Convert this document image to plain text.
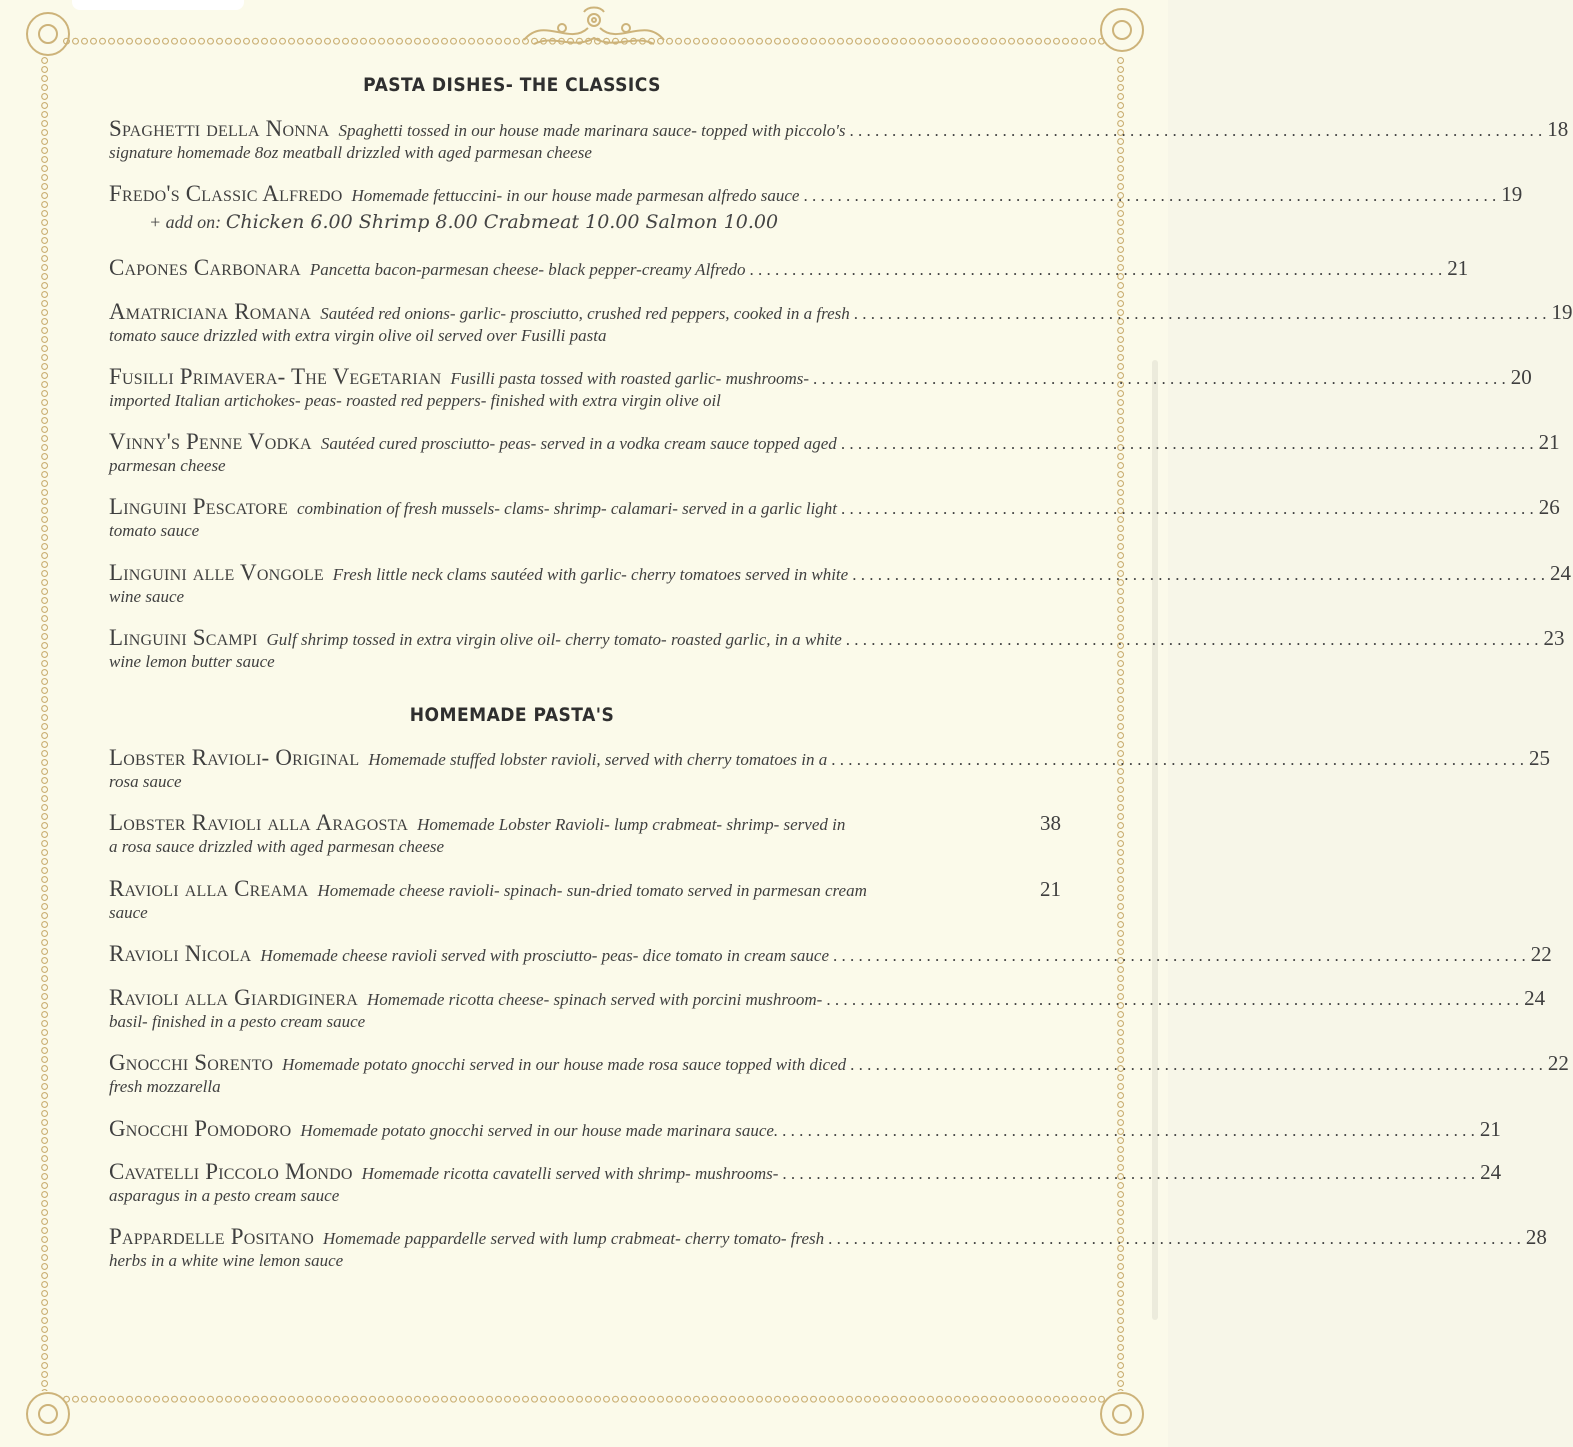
PASTA DISHES- THE CLASSICS
Spaghetti della Nonna Spaghetti tossed in our house made marinara sauce- topped with piccolo's . . .	18
signature homemade 8oz meatball drizzled with aged parmesan cheese
Fredo's Classic Alfredo Homemade fettuccini- in our house made parmesan alfredo sauce . . .	19
+ add on: Chicken 6.00 Shrimp 8.00 Crabmeat 10.00 Salmon 10.00
Capones Carbonara Pancetta bacon-parmesan cheese- black pepper-creamy Alfredo . . .	21
Amatriciana Romana Sautéed red onions- garlic- prosciutto, crushed red peppers, cooked in a fresh . . .	19
tomato sauce drizzled with extra virgin olive oil served over Fusilli pasta
Fusilli Primavera- The Vegetarian Fusilli pasta tossed with roasted garlic- mushrooms- . . .	20
imported Italian artichokes- peas- roasted red peppers- finished with extra virgin olive oil
Vinny's Penne Vodka Sautéed cured prosciutto- peas- served in a vodka cream sauce topped aged . . .	21
parmesan cheese
Linguini Pescatore combination of fresh mussels- clams- shrimp- calamari- served in a garlic light . . .	26
tomato sauce
Linguini alle Vongole Fresh little neck clams sautéed with garlic- cherry tomatoes served in white . . .	24
wine sauce
Linguini Scampi Gulf shrimp tossed in extra virgin olive oil- cherry tomato- roasted garlic, in a white . . .	23
wine lemon butter sauce
HOMEMADE PASTA'S
Lobster Ravioli- Original Homemade stuffed lobster ravioli, served with cherry tomatoes in a . . .	25
rosa sauce
Lobster Ravioli alla Aragosta Homemade Lobster Ravioli- lump crabmeat- shrimp- served in	38
a rosa sauce drizzled with aged parmesan cheese
Ravioli alla Creama Homemade cheese ravioli- spinach- sun-dried tomato served in parmesan cream	21
sauce
Ravioli Nicola Homemade cheese ravioli served with prosciutto- peas- dice tomato in cream sauce . . .	22
Ravioli alla Giardiginera Homemade ricotta cheese- spinach served with porcini mushroom- . . .	24
basil- finished in a pesto cream sauce
Gnocchi Sorento Homemade potato gnocchi served in our house made rosa sauce topped with diced . . .	22
fresh mozzarella
Gnocchi Pomodoro Homemade potato gnocchi served in our house made marinara sauce. . . .	21
Cavatelli Piccolo Mondo Homemade ricotta cavatelli served with shrimp- mushrooms- . . .	24
asparagus in a pesto cream sauce
Pappardelle Positano Homemade pappardelle served with lump crabmeat- cherry tomato- fresh . . .	28
herbs in a white wine lemon sauce
